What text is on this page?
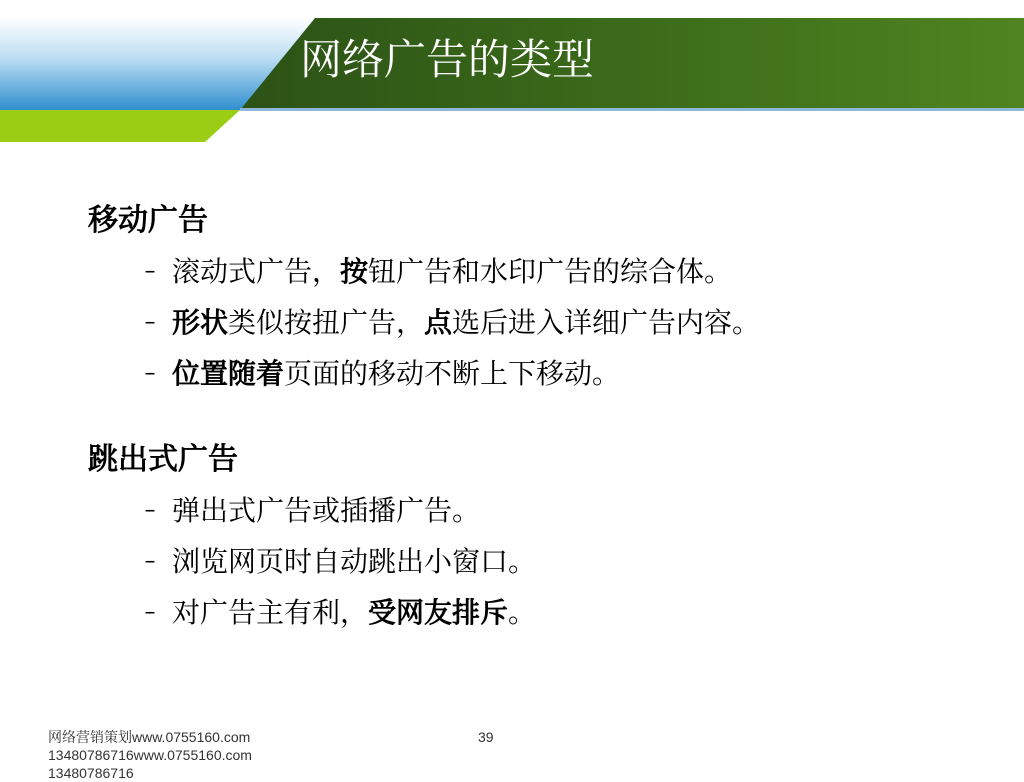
网络广告的类型
移动广告
– 滚动式广告，按钮广告和水印广告的综合体。
– 形状类似按扭广告，点选后进入详细广告内容。
– 位置随着页面的移动不断上下移动。
跳出式广告
– 弹出式广告或插播广告。
– 浏览网页时自动跳出小窗口。
– 对广告主有利，受网友排斥。
网络营销策划www.0755160.com
13480786716www.0755160.com
13480786716
39
